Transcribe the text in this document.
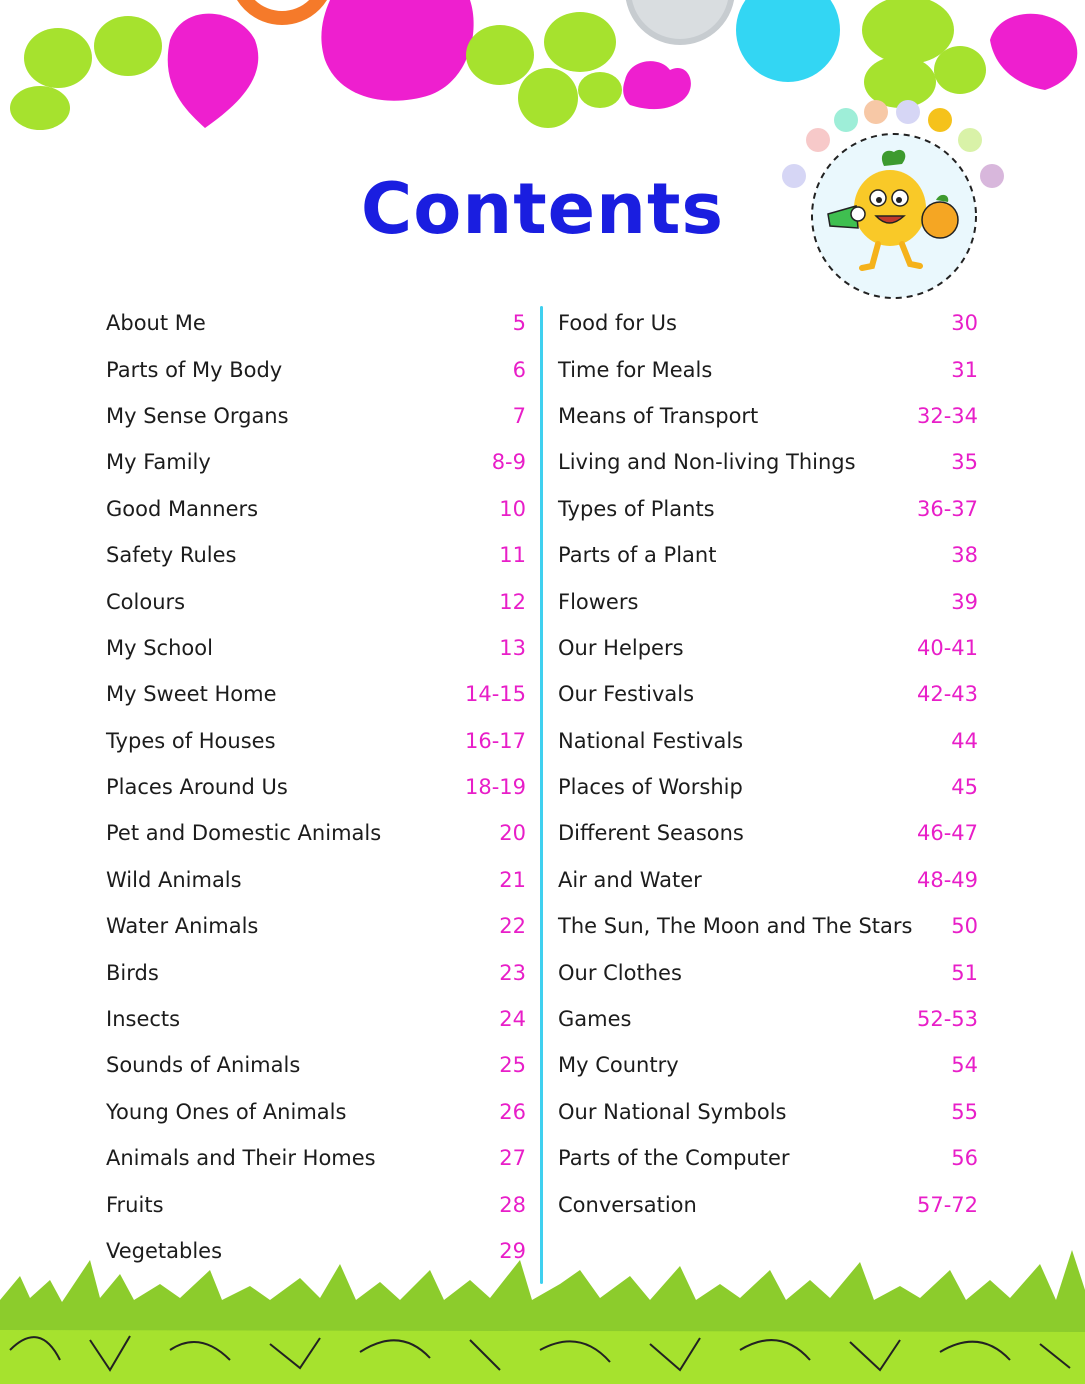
Contents
About Me	5
Parts of My Body	6
My Sense Organs	7
My Family	8-9
Good Manners	10
Safety Rules	11
Colours	12
My School	13
My Sweet Home	14-15
Types of Houses	16-17
Places Around Us	18-19
Pet and Domestic Animals	20
Wild Animals	21
Water Animals	22
Birds	23
Insects	24
Sounds of Animals	25
Young Ones of Animals	26
Animals and Their Homes	27
Fruits	28
Vegetables	29
Food for Us	30
Time for Meals	31
Means of Transport	32-34
Living and Non-living Things	35
Types of Plants	36-37
Parts of a Plant	38
Flowers	39
Our Helpers	40-41
Our Festivals	42-43
National Festivals	44
Places of Worship	45
Different Seasons	46-47
Air and Water	48-49
The Sun, The Moon and The Stars 50
Our Clothes	51
Games	52-53
My Country	54
Our National Symbols	55
Parts of the Computer	56
Conversation	57-72
